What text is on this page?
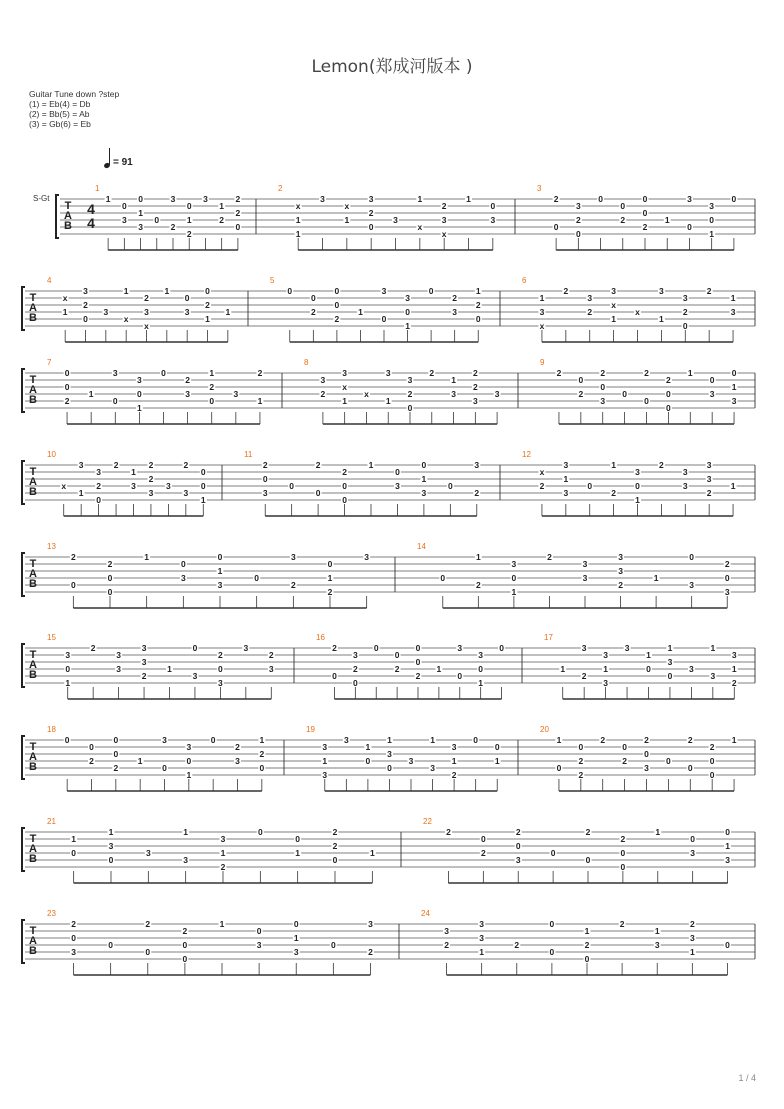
Lemon(郑成河版本 )
Guitar Tune down ?step
(1) = Eb(4) = Db
(2) = Bb(5) = Ab
(3) = Gb(6) = Eb
= 91
S-Gt
T
A
B
4
4
1
1
0
3
1
3
0
0
2
3
2
0
1
3
1
2
2
0
2
2
1
x
1
3
x
1
2
0
3
3
x
1
x
2
3
1
0
3
3
0
2
0
3
2
0
0
2
0
2
0
1
0
3
1
3
0
0
T
A
B
4
x
1
2
0
3
3
x
1
x
2
3
1
0
3
2
1
0
1
5
0
0
2
0
2
0
1
0
3
1
3
0
0
2
3
2
0
1
6
x
1
3
2
3
2
x
1
3
x
1
3
0
3
2
2
1
3
T
A
B
7
0
2
0
1
0
3
1
3
0
0
2
3
2
0
1
3
1
2
8
3
2
x
1
3
x
1
3
0
3
2
2
1
3
2
3
2
3
9
2
0
2
0
3
2
0
0
2
0
2
0
1
0
3
1
3
0
T
A
B
10
x
1
3
0
3
2
2
1
3
2
3
2
3
3
2
1
0
0
11
0
3
2
0
0
2
0
2
0
1
0
3
1
3
0
0
2
3
12
x
2
1
3
3
0
2
1
1
3
0
2
3
3
3
2
3
1
T
A
B
13
0
2
0
2
0
1
0
3
1
3
0
0
2
3
2
0
1
3
14
0
2
1
1
3
0
2
3
3
3
2
3
1
3
0
3
2
0
T
A
B
15
1
3
0
2
3
3
3
2
3
1
3
0
3
2
0
3
2
3
16
0
2
0
3
2
0
0
2
0
2
0
1
0
3
1
3
0
0
17
1
2
3
3
3
1
3
1
0
3
0
1
3
3
1
2
3
1
T
A
B
18
0
0
2
0
2
0
1
0
3
1
3
0
0
2
3
2
0
1
19
3
3
1
3
1
0
3
0
1
3
3
1
2
3
1
0
0
1
20
0
1
2
0
2
2
0
2
0
3
2
0
0
2
0
2
0
1
T
A
B
21
1
0
3
0
1
3
3
1
2
3
1
0
0
1
2
0
2
1
22
2
0
2
0
3
2
0
0
2
0
2
0
1
0
3
1
3
0
T
A
B
23
0
3
2
0
0
2
0
2
0
1
0
3
1
3
0
0
2
3
24
3
2
3
1
3
2
0
0
0
1
2
2
1
3
3
1
2
0
1 / 4
